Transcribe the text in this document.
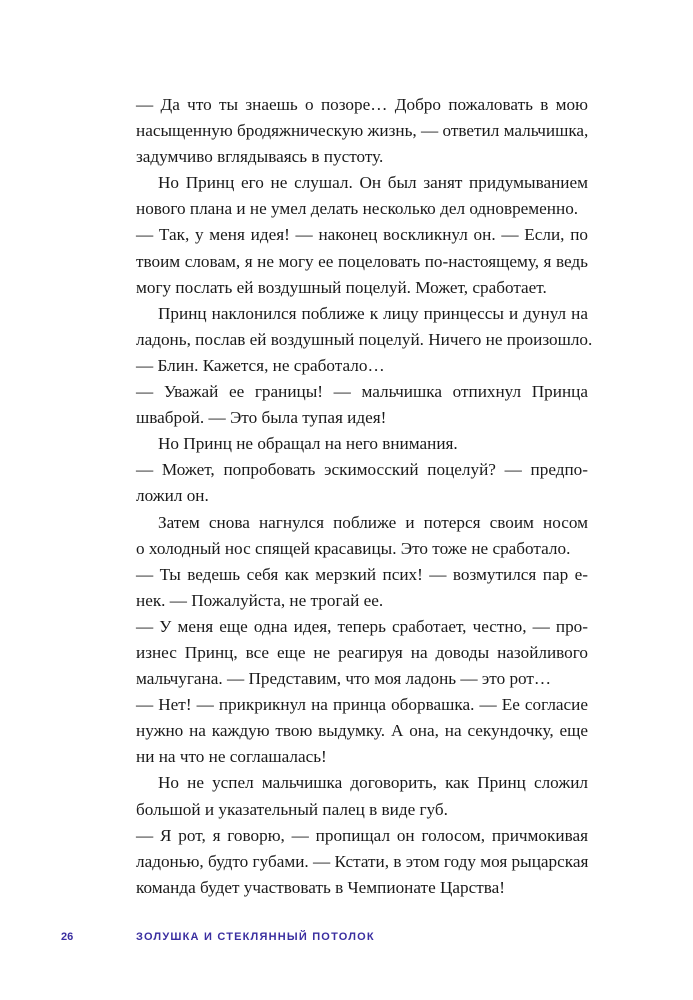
— Да что ты знаешь о позоре… Добро пожаловать в мою
насыщенную бродяжническую жизнь, — ответил мальчишка,
задумчиво вглядываясь в пустоту.
Но Принц его не слушал. Он был занят придумыванием
нового плана и не умел делать несколько дел одновременно.
— Так, у меня идея! — наконец воскликнул он. — Если, по
твоим словам, я не могу ее поцеловать по-настоящему, я ведь
могу послать ей воздушный поцелуй. Может, сработает.
Принц наклонился поближе к лицу принцессы и дунул на
ладонь, послав ей воздушный поцелуй. Ничего не произошло.
— Блин. Кажется, не сработало…
— Уважай ее границы! — мальчишка отпихнул Принца
шваброй. — Это была тупая идея!
Но Принц не обращал на него внимания.
— Может, попробовать эскимосский поцелуй? — предпо-
ложил он.
Затем снова нагнулся поближе и потерся своим носом
о холодный нос спящей красавицы. Это тоже не сработало.
— Ты ведешь себя как мерзкий псих! — возмутился пар е-
нек. — Пожалуйста, не трогай ее.
— У меня еще одна идея, теперь сработает, честно, — про-
изнес Принц, все еще не реагируя на доводы назойливого
мальчугана. — Представим, что моя ладонь — это рот…
— Нет! — прикрикнул на принца оборвашка. — Ее согласие
нужно на каждую твою выдумку. А она, на секундочку, еще
ни на что не соглашалась!
Но не успел мальчишка договорить, как Принц сложил
большой и указательный палец в виде губ.
— Я рот, я говорю, — пропищал он голосом, причмокивая
ладонью, будто губами. — Кстати, в этом году моя рыцарская
команда будет участвовать в Чемпионате Царства!
26	ЗОЛУШКА И СТЕКЛЯННЫЙ ПОТОЛОК
